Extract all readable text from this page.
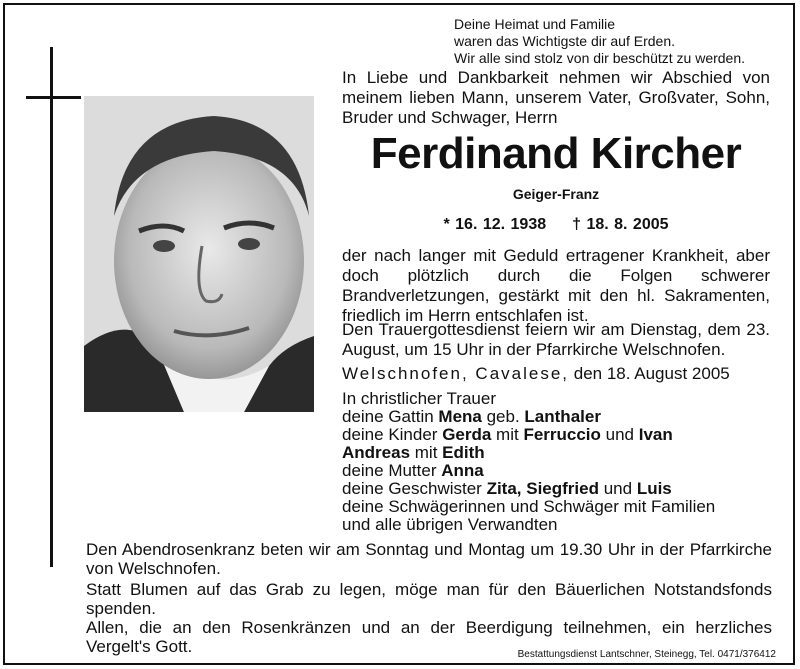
Deine Heimat und Familie
waren das Wichtigste dir auf Erden.
Wir alle sind stolz von dir beschützt zu werden.
In Liebe und Dankbarkeit nehmen wir Abschied von meinem lieben Mann, unserem Vater, Großvater, Sohn, Bruder und Schwager, Herrn
Ferdinand Kircher
Geiger-Franz
* 16. 12. 1938 † 18. 8. 2005
der nach langer mit Geduld ertragener Krankheit, aber doch plötzlich durch die Folgen schwerer Brandverletzungen, gestärkt mit den hl. Sakramenten, friedlich im Herrn entschlafen ist.
Den Trauergottesdienst feiern wir am Dienstag, dem 23. August, um 15 Uhr in der Pfarrkirche Welschnofen.
Welschnofen, Cavalese, den 18. August 2005
In christlicher Trauer
deine Gattin Mena geb. Lanthaler
deine Kinder Gerda mit Ferruccio und Ivan
Andreas mit Edith
deine Mutter Anna
deine Geschwister Zita, Siegfried und Luis
deine Schwägerinnen und Schwäger mit Familien
und alle übrigen Verwandten
Den Abendrosenkranz beten wir am Sonntag und Montag um 19.30 Uhr in der Pfarrkirche von Welschnofen.
Statt Blumen auf das Grab zu legen, möge man für den Bäuerlichen Notstandsfonds spenden.
Allen, die an den Rosenkränzen und an der Beerdigung teilnehmen, ein herzliches Vergelt's Gott.	Bestattungsdienst Lantschner, Steinegg, Tel. 0471/376412
